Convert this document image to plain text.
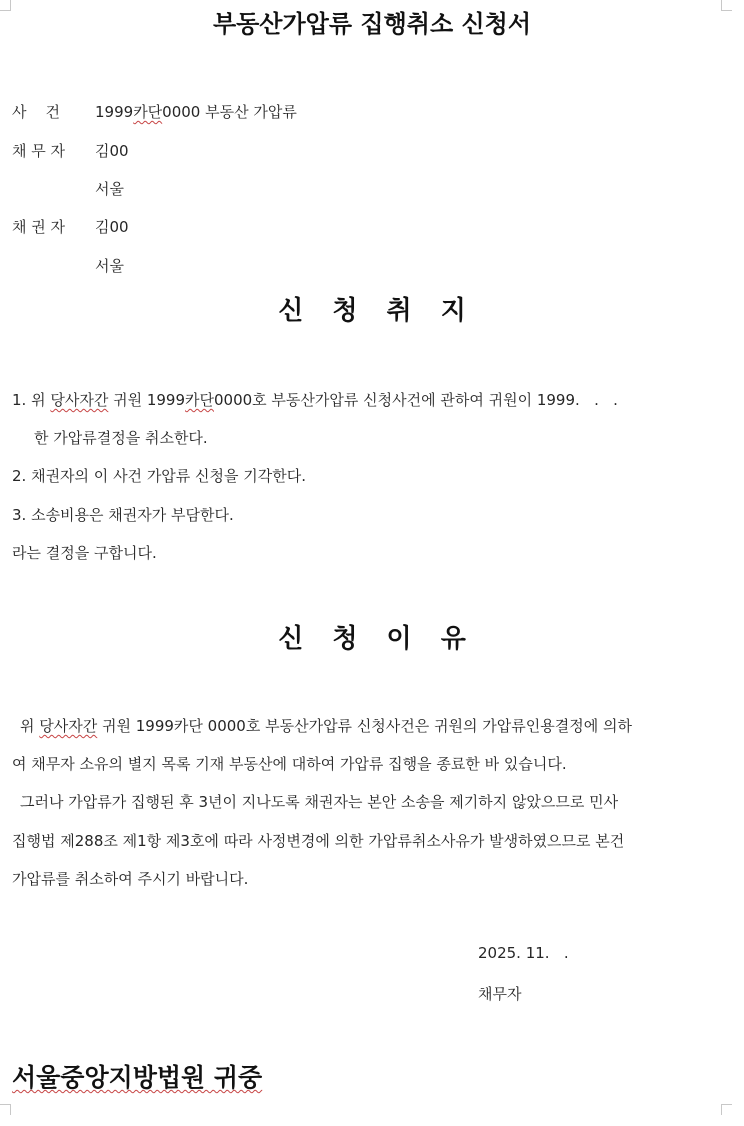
부동산가압류 집행취소 신청서
사    건 1999카단0000 부동산 가압류
채 무 자 김00
서울
채 권 자 김00
서울
신 청 취 지
1. 위 당사자간 귀원 1999카단0000호 부동산가압류 신청사건에 관하여 귀원이 1999.   .   .
한 가압류결정을 취소한다.
2. 채권자의 이 사건 가압류 신청을 기각한다.
3. 소송비용은 채권자가 부담한다.
라는 결정을 구합니다.
신 청 이 유
위 당사자간 귀원 1999카단 0000호 부동산가압류 신청사건은 귀원의 가압류인용결정에 의하
여 채무자 소유의 별지 목록 기재 부동산에 대하여 가압류 집행을 종료한 바 있습니다.
그러나 가압류가 집행된 후 3년이 지나도록 채권자는 본안 소송을 제기하지 않았으므로 민사
집행법 제288조 제1항 제3호에 따라 사정변경에 의한 가압류취소사유가 발생하였으므로 본건
가압류를 취소하여 주시기 바랍니다.
2025. 11.   .
채무자
서울중앙지방법원 귀중
